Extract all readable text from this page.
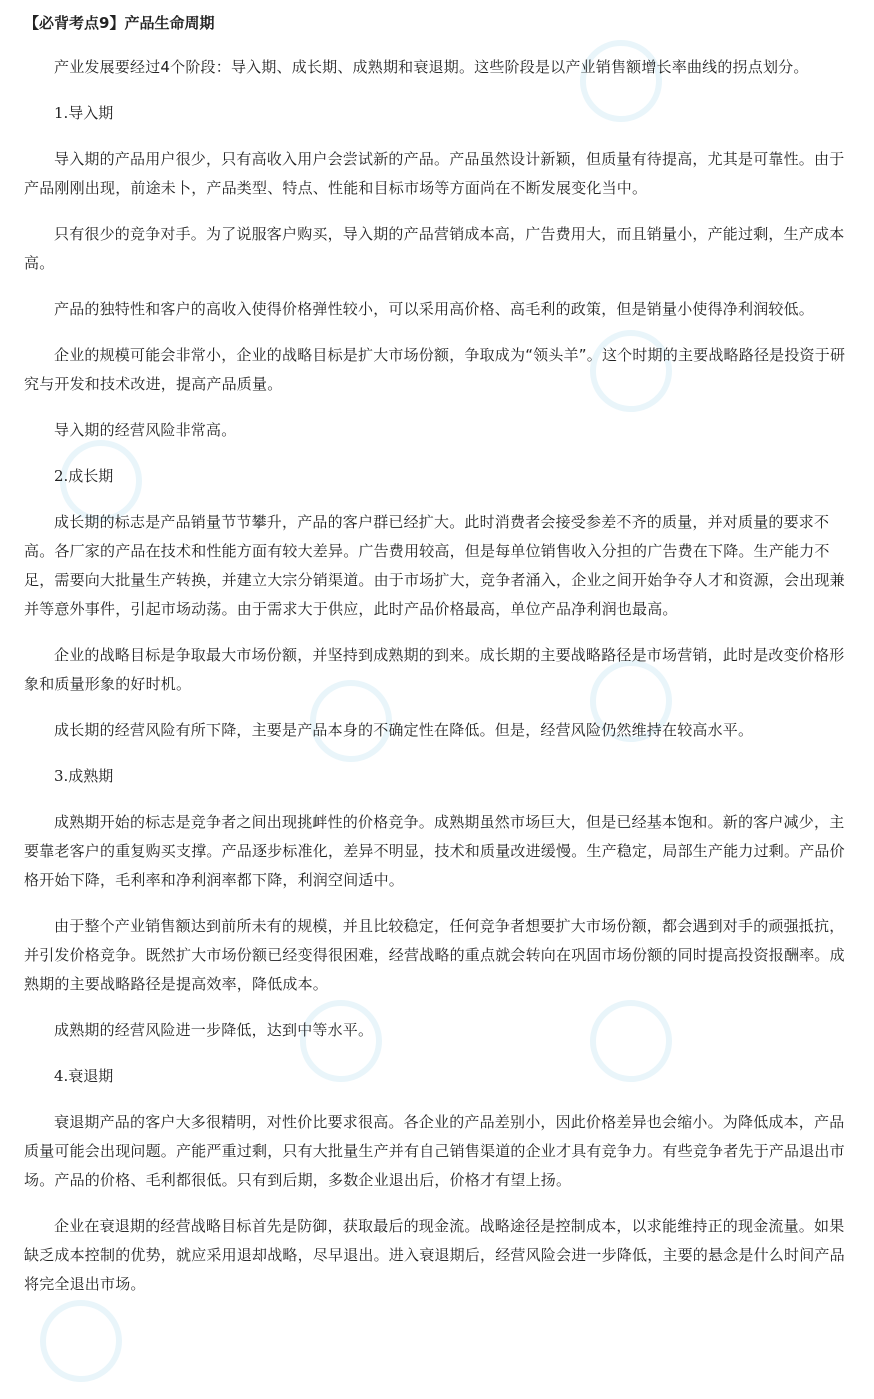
【必背考点9】产品生命周期

产业发展要经过4个阶段：导入期、成长期、成熟期和衰退期。这些阶段是以产业销售额增长率曲线的拐点划分。

1.导入期

导入期的产品用户很少，只有高收入用户会尝试新的产品。产品虽然设计新颖，但质量有待提高，尤其是可靠性。由于产品刚刚出现，前途未卜，产品类型、特点、性能和目标市场等方面尚在不断发展变化当中。

只有很少的竞争对手。为了说服客户购买，导入期的产品营销成本高，广告费用大，而且销量小，产能过剩，生产成本高。

产品的独特性和客户的高收入使得价格弹性较小，可以采用高价格、高毛利的政策，但是销量小使得净利润较低。

企业的规模可能会非常小，企业的战略目标是扩大市场份额，争取成为“领头羊”。这个时期的主要战略路径是投资于研究与开发和技术改进，提高产品质量。

导入期的经营风险非常高。

2.成长期

成长期的标志是产品销量节节攀升，产品的客户群已经扩大。此时消费者会接受参差不齐的质量，并对质量的要求不高。各厂家的产品在技术和性能方面有较大差异。广告费用较高，但是每单位销售收入分担的广告费在下降。生产能力不足，需要向大批量生产转换，并建立大宗分销渠道。由于市场扩大，竞争者涌入，企业之间开始争夺人才和资源，会出现兼并等意外事件，引起市场动荡。由于需求大于供应，此时产品价格最高，单位产品净利润也最高。

企业的战略目标是争取最大市场份额，并坚持到成熟期的到来。成长期的主要战略路径是市场营销，此时是改变价格形象和质量形象的好时机。

成长期的经营风险有所下降，主要是产品本身的不确定性在降低。但是，经营风险仍然维持在较高水平。

3.成熟期

成熟期开始的标志是竞争者之间出现挑衅性的价格竞争。成熟期虽然市场巨大，但是已经基本饱和。新的客户减少，主要靠老客户的重复购买支撑。产品逐步标准化，差异不明显，技术和质量改进缓慢。生产稳定，局部生产能力过剩。产品价格开始下降，毛利率和净利润率都下降，利润空间适中。

由于整个产业销售额达到前所未有的规模，并且比较稳定，任何竞争者想要扩大市场份额，都会遇到对手的顽强抵抗，并引发价格竞争。既然扩大市场份额已经变得很困难，经营战略的重点就会转向在巩固市场份额的同时提高投资报酬率。成熟期的主要战略路径是提高效率，降低成本。

成熟期的经营风险进一步降低，达到中等水平。

4.衰退期

衰退期产品的客户大多很精明，对性价比要求很高。各企业的产品差别小，因此价格差异也会缩小。为降低成本，产品质量可能会出现问题。产能严重过剩，只有大批量生产并有自己销售渠道的企业才具有竞争力。有些竞争者先于产品退出市场。产品的价格、毛利都很低。只有到后期，多数企业退出后，价格才有望上扬。

企业在衰退期的经营战略目标首先是防御，获取最后的现金流。战略途径是控制成本，以求能维持正的现金流量。如果缺乏成本控制的优势，就应采用退却战略，尽早退出。进入衰退期后，经营风险会进一步降低，主要的悬念是什么时间产品将完全退出市场。
